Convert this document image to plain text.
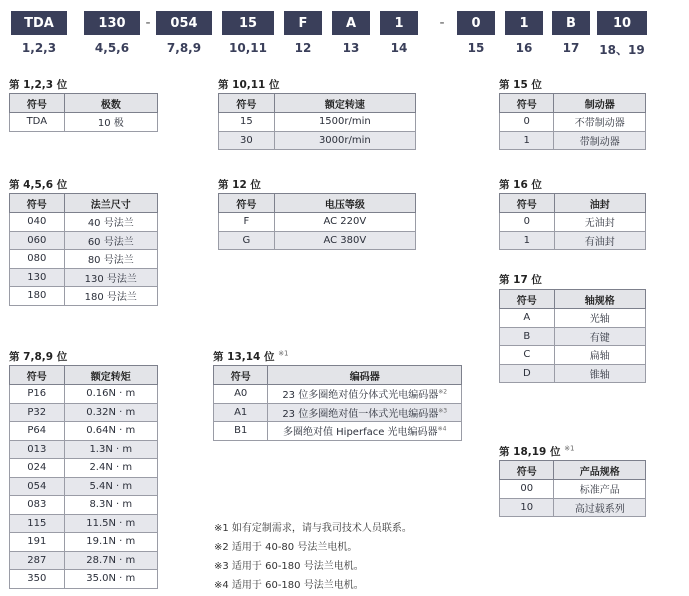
TDA	130	-	054	15	F	A	1	-	0	1	B	10
1,2,3	4,5,6	7,8,9	10,11	12	13	14	15	16	17	18、19
第 1,2,3 位
第 4,5,6 位
第 7,8,9 位
第 10,11 位
第 12 位
第 13,14 位 $^{※1}$
第 15 位
第 16 位
第 17 位
第 18,19 位 $^{※1}$
符号	极数
TDA	10 极
符号	法兰尺寸
040	40 号法兰
060	60 号法兰
080	80 号法兰
130	130 号法兰
180	180 号法兰
符号	额定转矩
P16	0.16N · m
P32	0.32N · m
P64	0.64N · m
013	1.3N · m
024	2.4N · m
054	5.4N · m
083	8.3N · m
115	11.5N · m
191	19.1N · m
287	28.7N · m
350	35.0N · m
符号	额定转速
15	1500r/min
30	3000r/min
符号	电压等级
F	AC 220V
G	AC 380V
符号	编码器
A0	23 位多圈绝对值分体式光电编码器$^{※2}$
A1	23 位多圈绝对值一体式光电编码器$^{※3}$
B1	多圈绝对值 Hiperface 光电编码器$^{※4}$
符号	制动器
0	不带制动器
1	带制动器
符号	油封
0	无油封
1	有油封
符号	轴规格
A	光轴
B	有键
C	扁轴
D	锥轴
符号	产品规格
00	标准产品
10	高过载系列
※1 如有定制需求，请与我司技术人员联系。
※2 适用于 40-80 号法兰电机。
※3 适用于 60-180 号法兰电机。
※4 适用于 60-180 号法兰电机。
